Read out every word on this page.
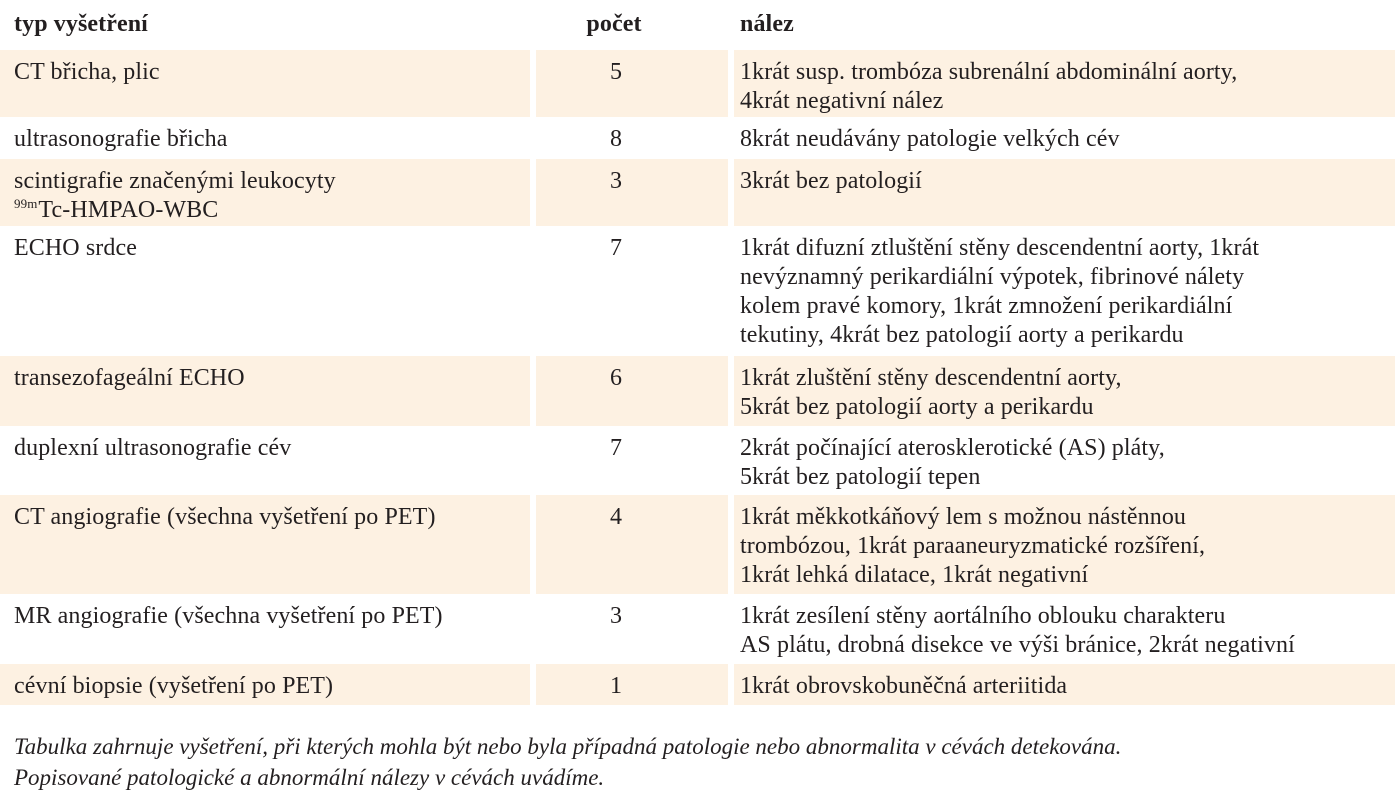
typ vyšetření	počet	nález
CT břicha, plic	5	1krát susp. trombóza subrenální abdominální aorty,
4krát negativní nález
ultrasonografie břicha	8	8krát neudávány patologie velkých cév
scintigrafie značenými leukocyty
$^{99m}$Tc-HMPAO-WBC
3	3krát bez patologií
ECHO srdce	7	1krát difuzní ztluštění stěny descendentní aorty, 1krát
nevýznamný perikardiální výpotek, fibrinové nálety
kolem pravé komory, 1krát zmnožení perikardiální
tekutiny, 4krát bez patologií aorty a perikardu
transezofageální ECHO	6	1krát zluštění stěny descendentní aorty,
5krát bez patologií aorty a perikardu
duplexní ultrasonografie cév	7	2krát počínající aterosklerotické (AS) pláty,
5krát bez patologií tepen
CT angiografie (všechna vyšetření po PET)	4	1krát měkkotkáňový lem s možnou nástěnnou
trombózou, 1krát paraaneuryzmatické rozšíření,
1krát lehká dilatace, 1krát negativní
MR angiografie (všechna vyšetření po PET)	3	1krát zesílení stěny aortálního oblouku charakteru
AS plátu, drobná disekce ve výši bránice, 2krát negativní
cévní biopsie (vyšetření po PET)	1	1krát obrovskobuněčná arteriitida
Tabulka zahrnuje vyšetření, při kterých mohla být nebo byla případná patologie nebo abnormalita v cévách detekována.
Popisované patologické a abnormální nálezy v cévách uvádíme.
